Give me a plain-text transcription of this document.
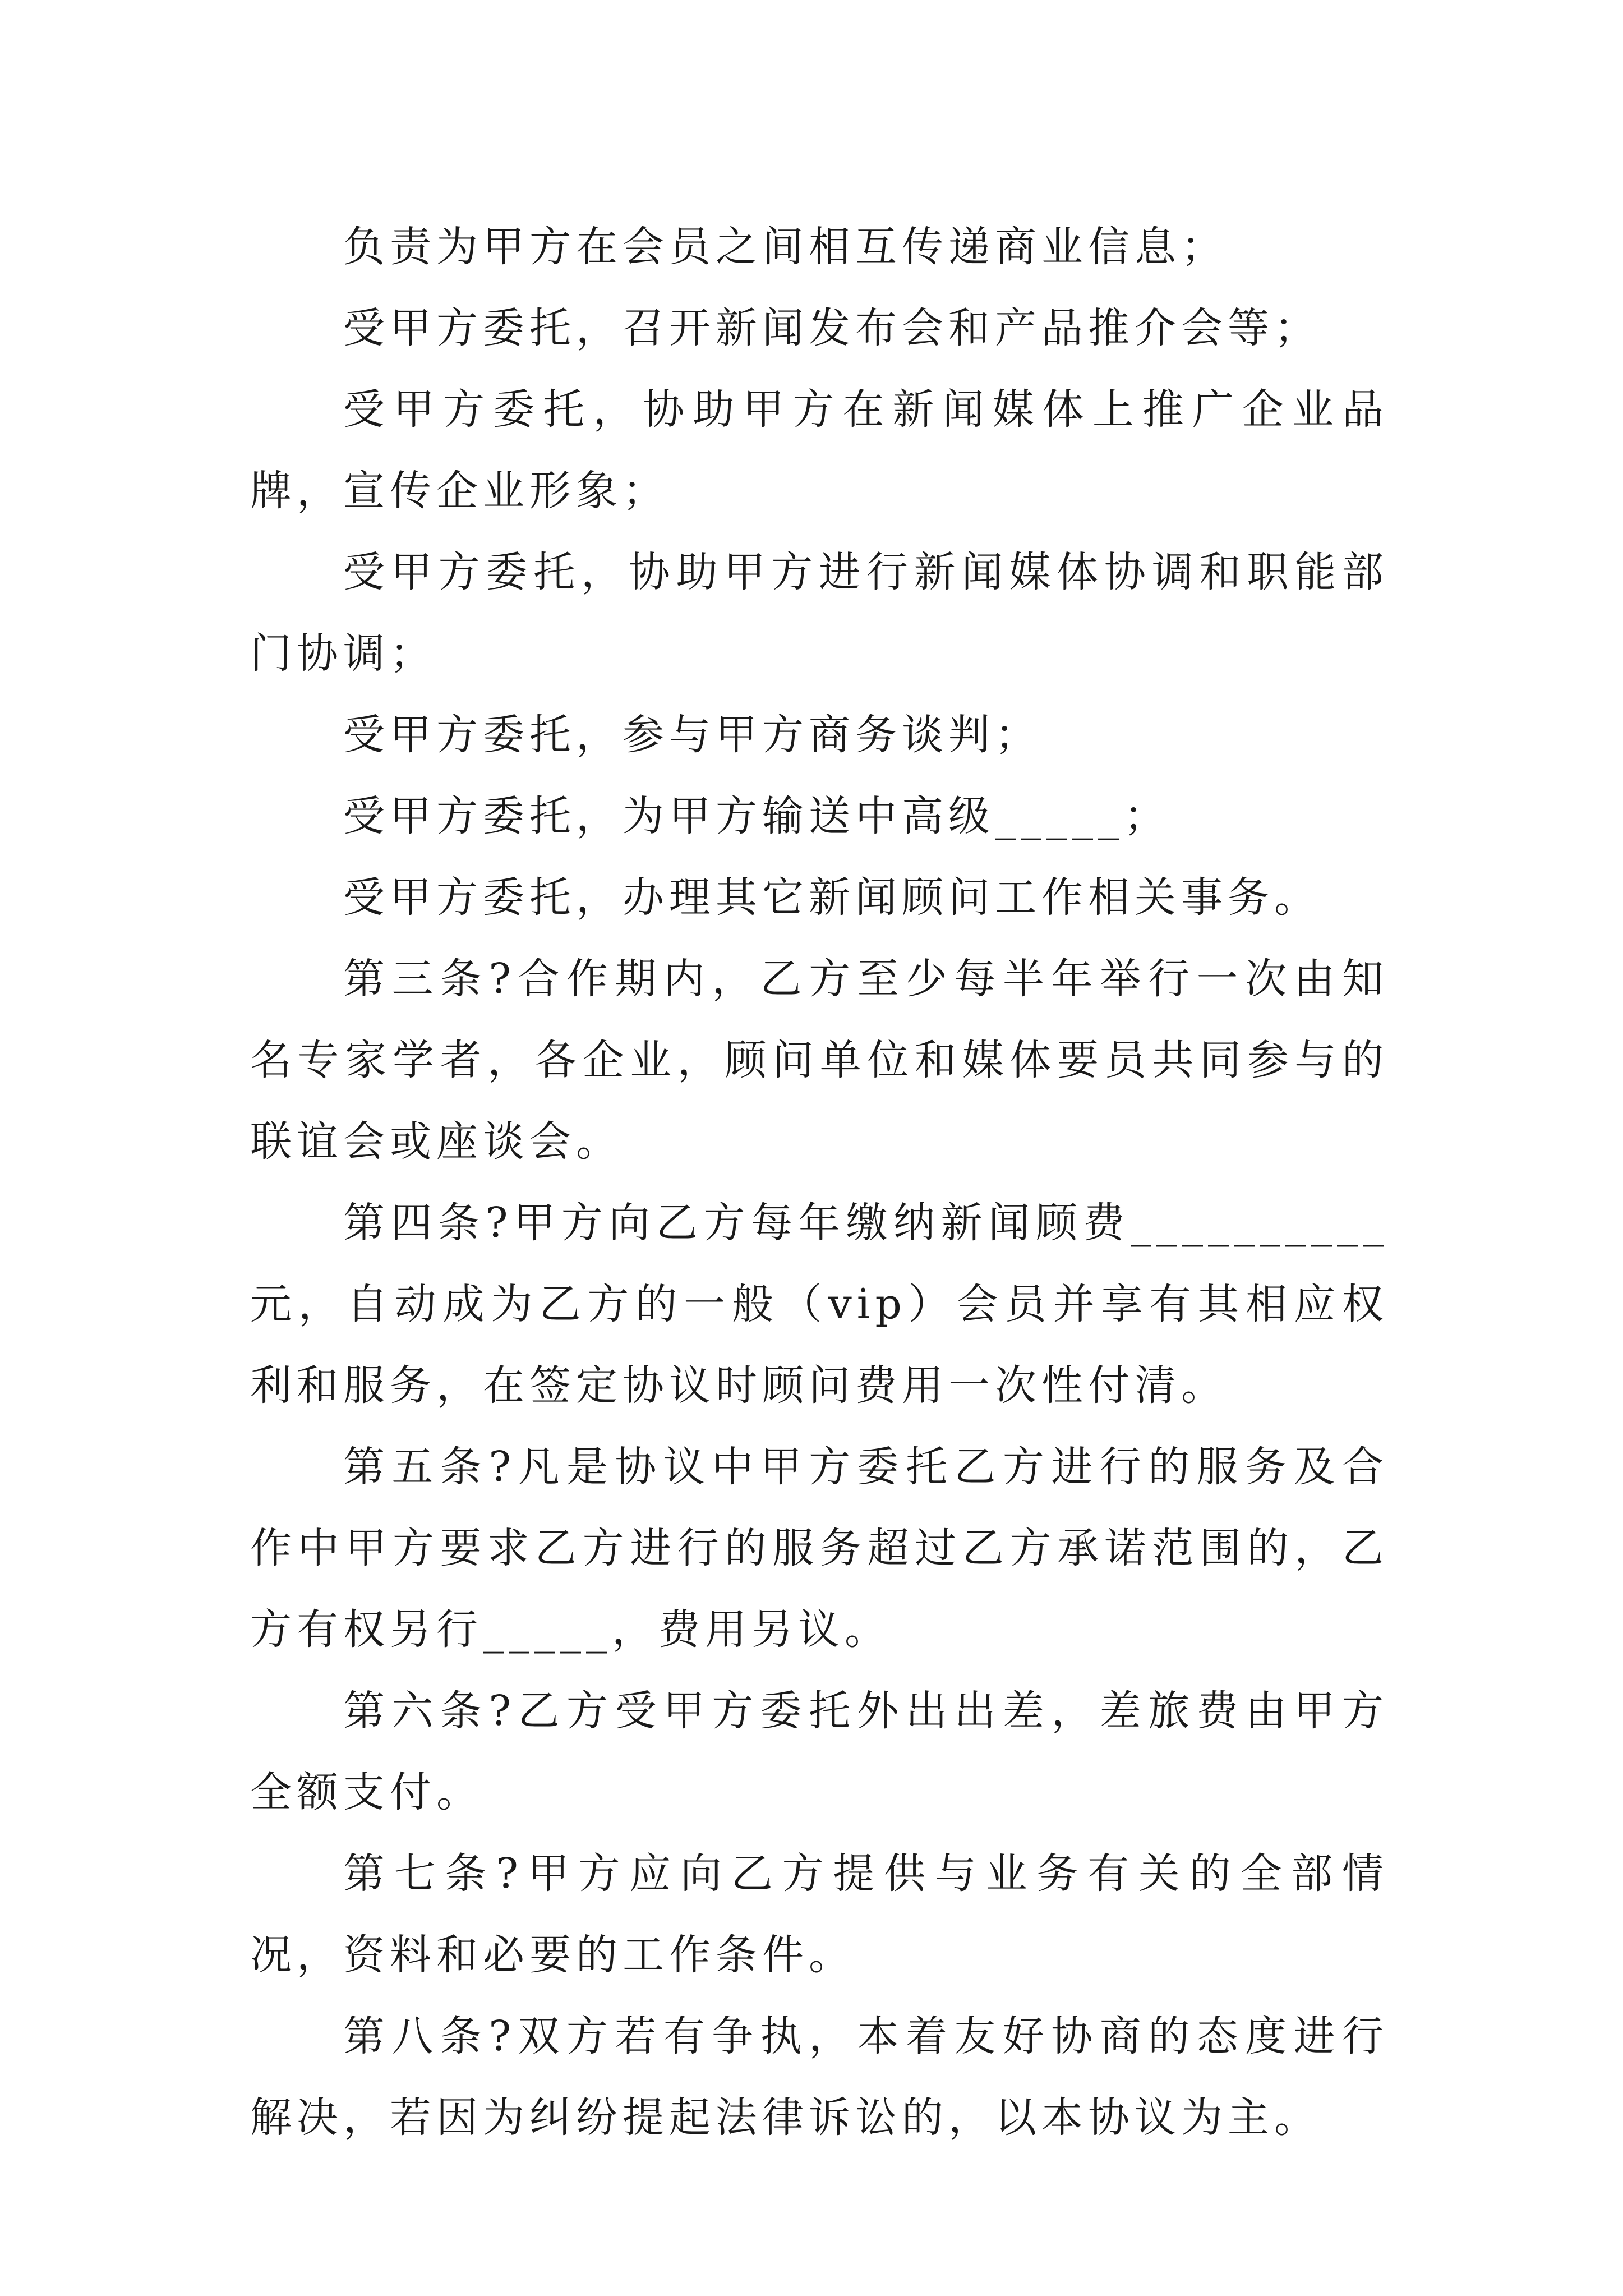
负责为甲方在会员之间相互传递商业信息；

受甲方委托，召开新闻发布会和产品推介会等；

受甲方委托，协助甲方在新闻媒体上推广企业品牌，宣传企业形象；

受甲方委托，协助甲方进行新闻媒体协调和职能部门协调；

受甲方委托，参与甲方商务谈判；

受甲方委托，为甲方输送中高级_____；

受甲方委托，办理其它新闻顾问工作相关事务。

第三条?合作期内，乙方至少每半年举行一次由知名专家学者，各企业，顾问单位和媒体要员共同参与的联谊会或座谈会。

第四条?甲方向乙方每年缴纳新闻顾费__________元，自动成为乙方的一般（vip）会员并享有其相应权利和服务，在签定协议时顾问费用一次性付清。

第五条?凡是协议中甲方委托乙方进行的服务及合作中甲方要求乙方进行的服务超过乙方承诺范围的，乙方有权另行_____，费用另议。

第六条?乙方受甲方委托外出出差，差旅费由甲方全额支付。

第七条?甲方应向乙方提供与业务有关的全部情况，资料和必要的工作条件。

第八条?双方若有争执，本着友好协商的态度进行解决，若因为纠纷提起法律诉讼的，以本协议为主。
